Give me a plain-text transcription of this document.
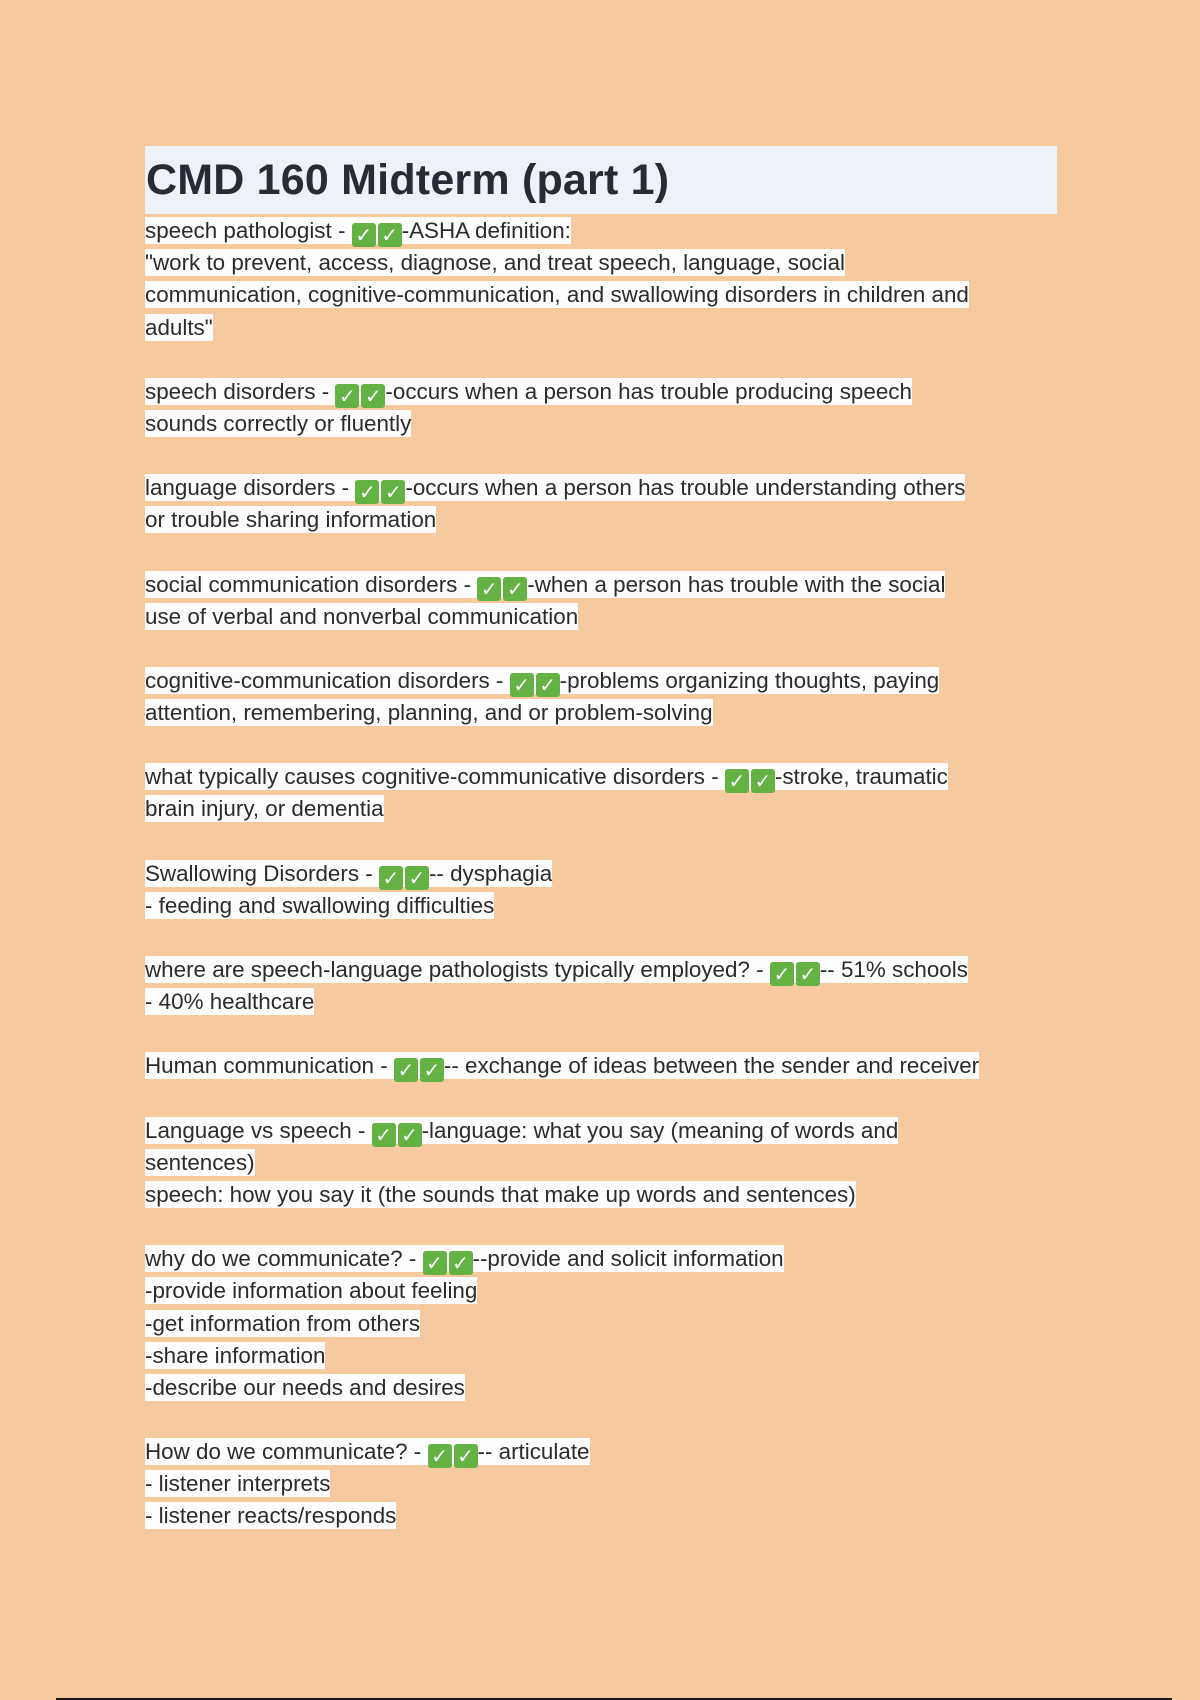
CMD 160 Midterm (part 1)
speech pathologist - ✓ ✓ -ASHA definition:
"work to prevent, access, diagnose, and treat speech, language, social
communication, cognitive-communication, and swallowing disorders in children and
adults"
speech disorders - ✓ ✓ -occurs when a person has trouble producing speech
sounds correctly or fluently
language disorders - ✓ ✓ -occurs when a person has trouble understanding others
or trouble sharing information
social communication disorders - ✓ ✓ -when a person has trouble with the social
use of verbal and nonverbal communication
cognitive-communication disorders - ✓ ✓ -problems organizing thoughts, paying
attention, remembering, planning, and or problem-solving
what typically causes cognitive-communicative disorders - ✓ ✓ -stroke, traumatic
brain injury, or dementia
Swallowing Disorders - ✓ ✓ -- dysphagia
- feeding and swallowing difficulties
where are speech-language pathologists typically employed? - ✓ ✓ -- 51% schools
- 40% healthcare
Human communication - ✓ ✓ -- exchange of ideas between the sender and receiver
Language vs speech - ✓ ✓ -language: what you say (meaning of words and
sentences)
speech: how you say it (the sounds that make up words and sentences)
why do we communicate? - ✓ ✓ --provide and solicit information
-provide information about feeling
-get information from others
-share information
-describe our needs and desires
How do we communicate? - ✓ ✓ -- articulate
- listener interprets
- listener reacts/responds
